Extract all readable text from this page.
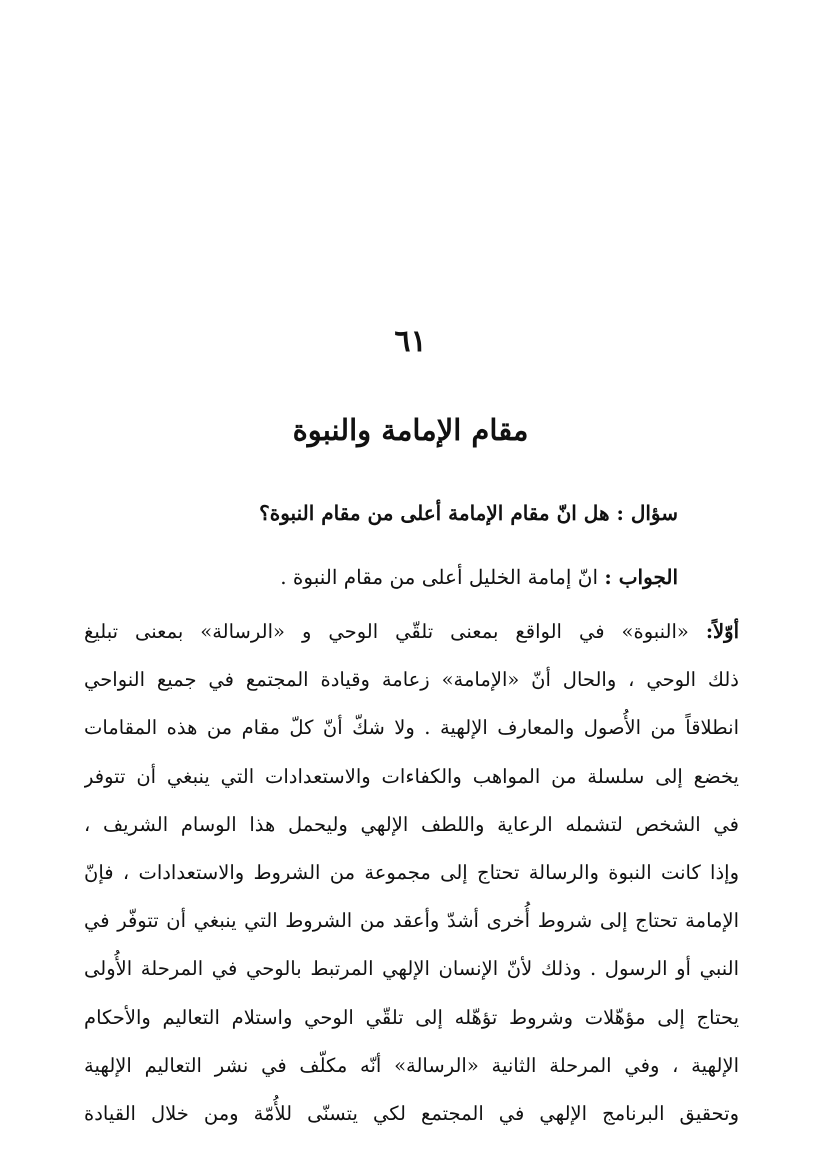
٦١
مقام الإمامة والنبوة
سؤال : هل انّ مقام الإمامة أعلى من مقام النبوة؟
الجواب : انّ إمامة الخليل أعلى من مقام النبوة .
أوّلاً: «النبوة» في الواقع بمعنى تلقّي الوحي و «الرسالة» بمعنى تبليغ
ذلك الوحي ، والحال أنّ «الإمامة» زعامة وقيادة المجتمع في جميع النواحي
انطلاقاً من الأُصول والمعارف الإلهية . ولا شكّ أنّ كلّ مقام من هذه المقامات
يخضع إلى سلسلة من المواهب والكفاءات والاستعدادات التي ينبغي أن تتوفر
في الشخص لتشمله الرعاية واللطف الإلهي وليحمل هذا الوسام الشريف ،
وإذا كانت النبوة والرسالة تحتاج إلى مجموعة من الشروط والاستعدادات ، فإنّ
الإمامة تحتاج إلى شروط أُخرى أشدّ وأعقد من الشروط التي ينبغي أن تتوفّر في
النبي أو الرسول . وذلك لأنّ الإنسان الإلهي المرتبط بالوحي في المرحلة الأُولى
يحتاج إلى مؤهّلات وشروط تؤهّله إلى تلقّي الوحي واستلام التعاليم والأحكام
الإلهية ، وفي المرحلة الثانية «الرسالة» أنّه مكلّف في نشر التعاليم الإلهية
وتحقيق البرنامج الإلهي في المجتمع لكي يتسنّى للأُمّة ومن خلال القيادة
